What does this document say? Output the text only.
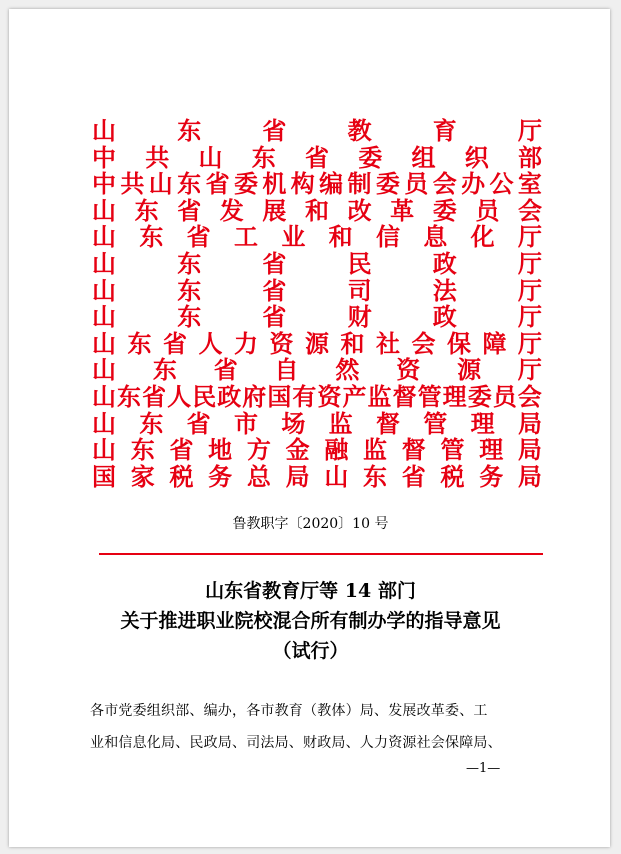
山	东	省	教	育	厅
中 共 山 东 省 委 组 织 部
中 共 山 东 省 委 机 构 编 制 委 员 会 办 公 室
山 东 省 发 展 和 改 革 委 员 会
山 东 省 工 业 和 信 息 化 厅
山	东	省	民	政	厅
山	东	省	司	法	厅
山	东	省	财	政	厅
山 东 省 人 力 资 源 和 社 会 保 障 厅
山 东 省 自 然 资 源 厅
山 东 省 人 民 政 府 国 有 资 产 监 督 管 理 委 员 会
山 东 省 市 场 监 督 管 理 局
山 东 省 地 方 金 融 监 督 管 理 局
国 家 税 务 总 局 山 东 省 税 务 局
鲁教职字〔2020〕10 号
山东省教育厅等 14 部门
关于推进职业院校混合所有制办学的指导意见
（试行）
各市党委组织部、编办，各市教育（教体）局、发展改革委、工
业和信息化局、民政局、司法局、财政局、人力资源社会保障局、
—1—
